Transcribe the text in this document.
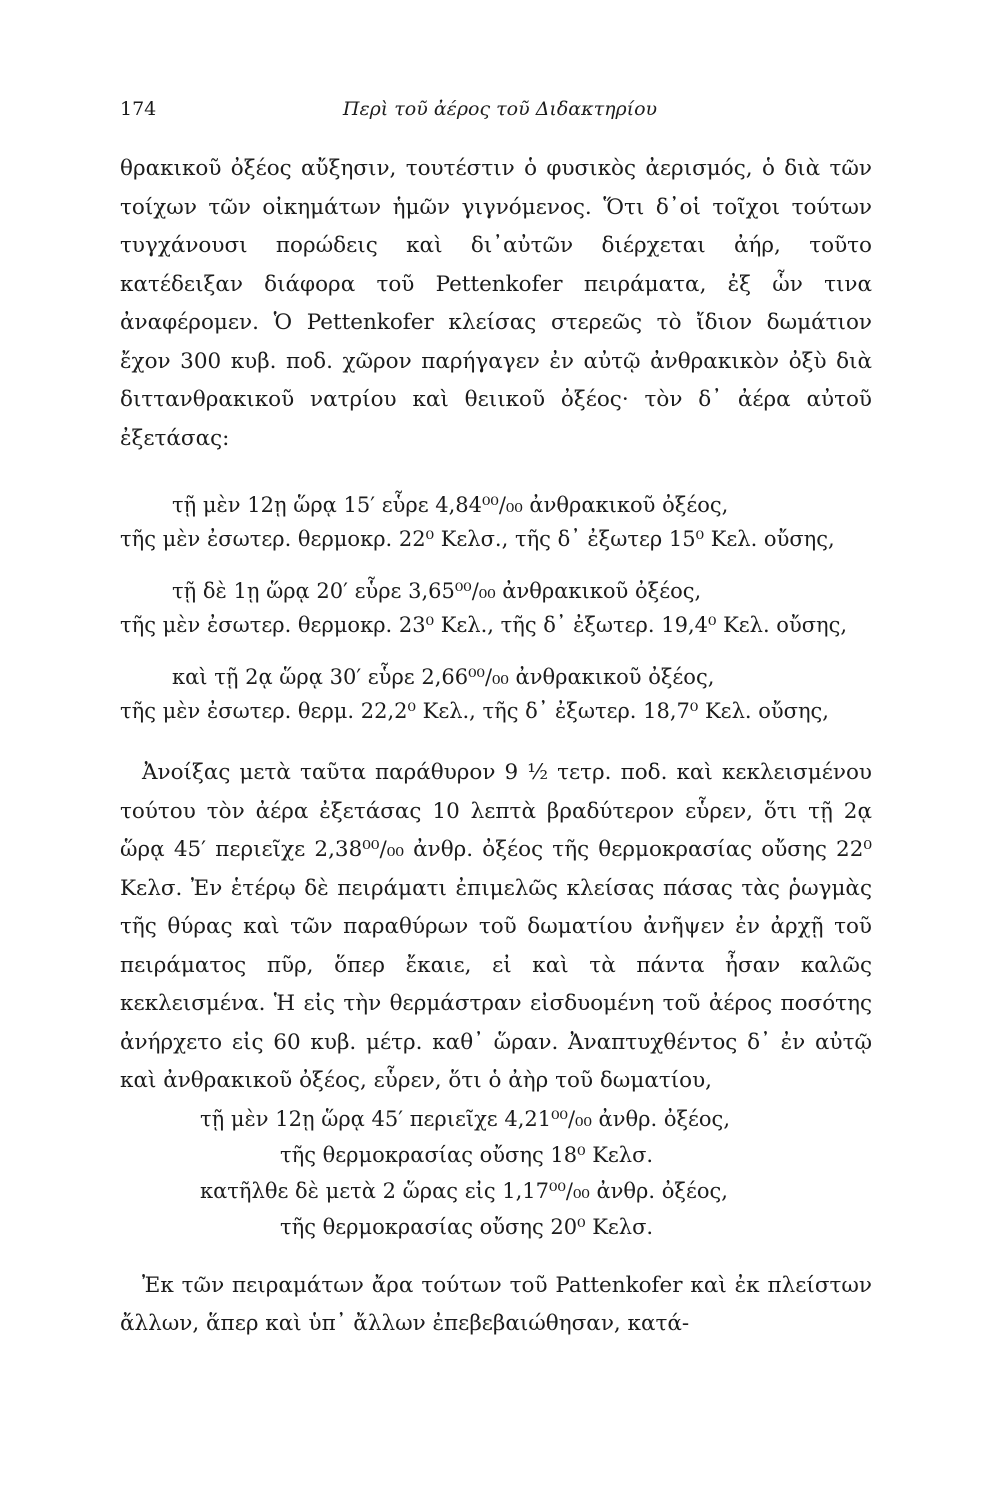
174	Περὶ τοῦ ἀέρος τοῦ Διδακτηρίου

θρακικοῦ ὀξέος αὔξησιν, τουτέστιν ὁ φυσικὸς ἀερισμός, ὁ διὰ τῶν τοίχων τῶν οἰκημάτων ἡμῶν γιγνόμενος. Ὅτι δ᾽οἱ τοῖχοι τούτων τυγχάνουσι πορώδεις καὶ δι᾽αὐτῶν διέρχεται ἀήρ, τοῦτο κατέδειξαν διάφορα τοῦ Pettenkofer πειράματα, ἐξ ὧν τινα ἀναφέρομεν. Ὁ Pettenkofer κλείσας στερεῶς τὸ ἴδιον δωμάτιον ἔχον 300 κυβ. ποδ. χῶρον παρήγαγεν ἐν αὐτῷ ἀνθρακικὸν ὀξὺ διὰ διττανθρακικοῦ νατρίου καὶ θειικοῦ ὀξέος· τὸν δ᾽ ἀέρα αὐτοῦ ἐξετάσας:

τῇ μὲν 12ῃ ὥρᾳ 15′ εὗρε 4,84⁰⁰/₀₀ ἀνθρακικοῦ ὀξέος,
τῆς μὲν ἐσωτερ. θερμοκρ. 22⁰ Κελσ., τῆς δ᾽ ἐξωτερ 15⁰ Κελ. οὔσης,
τῇ δὲ 1ῃ ὥρᾳ 20′ εὗρε 3,65⁰⁰/₀₀ ἀνθρακικοῦ ὀξέος,
τῆς μὲν ἐσωτερ. θερμοκρ. 23⁰ Κελ., τῆς δ᾽ ἐξωτερ. 19,4⁰ Κελ. οὔσης,
καὶ τῇ 2ᾳ ὥρᾳ 30′ εὗρε 2,66⁰⁰/₀₀ ἀνθρακικοῦ ὀξέος,
τῆς μὲν ἐσωτερ. θερμ. 22,2⁰ Κελ., τῆς δ᾽ ἐξωτερ. 18,7⁰ Κελ. οὔσης,

Ἀνοίξας μετὰ ταῦτα παράθυρον 9 ½ τετρ. ποδ. καὶ κεκλεισμένου τούτου τὸν ἀέρα ἐξετάσας 10 λεπτὰ βραδύτερον εὗρεν, ὅτι τῇ 2ᾳ ὥρᾳ 45′ περιεῖχε 2,38⁰⁰/₀₀ ἀνθρ. ὀξέος τῆς θερμοκρασίας οὔσης 22⁰ Κελσ. Ἐν ἑτέρῳ δὲ πειράματι ἐπιμελῶς κλείσας πάσας τὰς ῥωγμὰς τῆς θύρας καὶ τῶν παραθύρων τοῦ δωματίου ἀνῆψεν ἐν ἀρχῇ τοῦ πειράματος πῦρ, ὅπερ ἔκαιε, εἰ καὶ τὰ πάντα ἦσαν καλῶς κεκλεισμένα. Ἡ εἰς τὴν θερμάστραν εἰσδυομένη τοῦ ἀέρος ποσότης ἀνήρχετο εἰς 60 κυβ. μέτρ. καθ᾽ ὥραν. Ἀναπτυχθέντος δ᾽ ἐν αὐτῷ καὶ ἀνθρακικοῦ ὀξέος, εὗρεν, ὅτι ὁ ἀὴρ τοῦ δωματίου,

τῇ μὲν 12ῃ ὥρᾳ 45′ περιεῖχε 4,21⁰⁰/₀₀ ἀνθρ. ὀξέος,
τῆς θερμοκρασίας οὔσης 18⁰ Κελσ.
κατῆλθε δὲ μετὰ 2 ὥρας εἰς 1,17⁰⁰/₀₀ ἀνθρ. ὀξέος,
τῆς θερμοκρασίας οὔσης 20⁰ Κελσ.

Ἐκ τῶν πειραμάτων ἄρα τούτων τοῦ Pattenkofer καὶ ἐκ πλείστων ἄλλων, ἅπερ καὶ ὑπ᾽ ἄλλων ἐπεβεβαιώθησαν, κατά-
